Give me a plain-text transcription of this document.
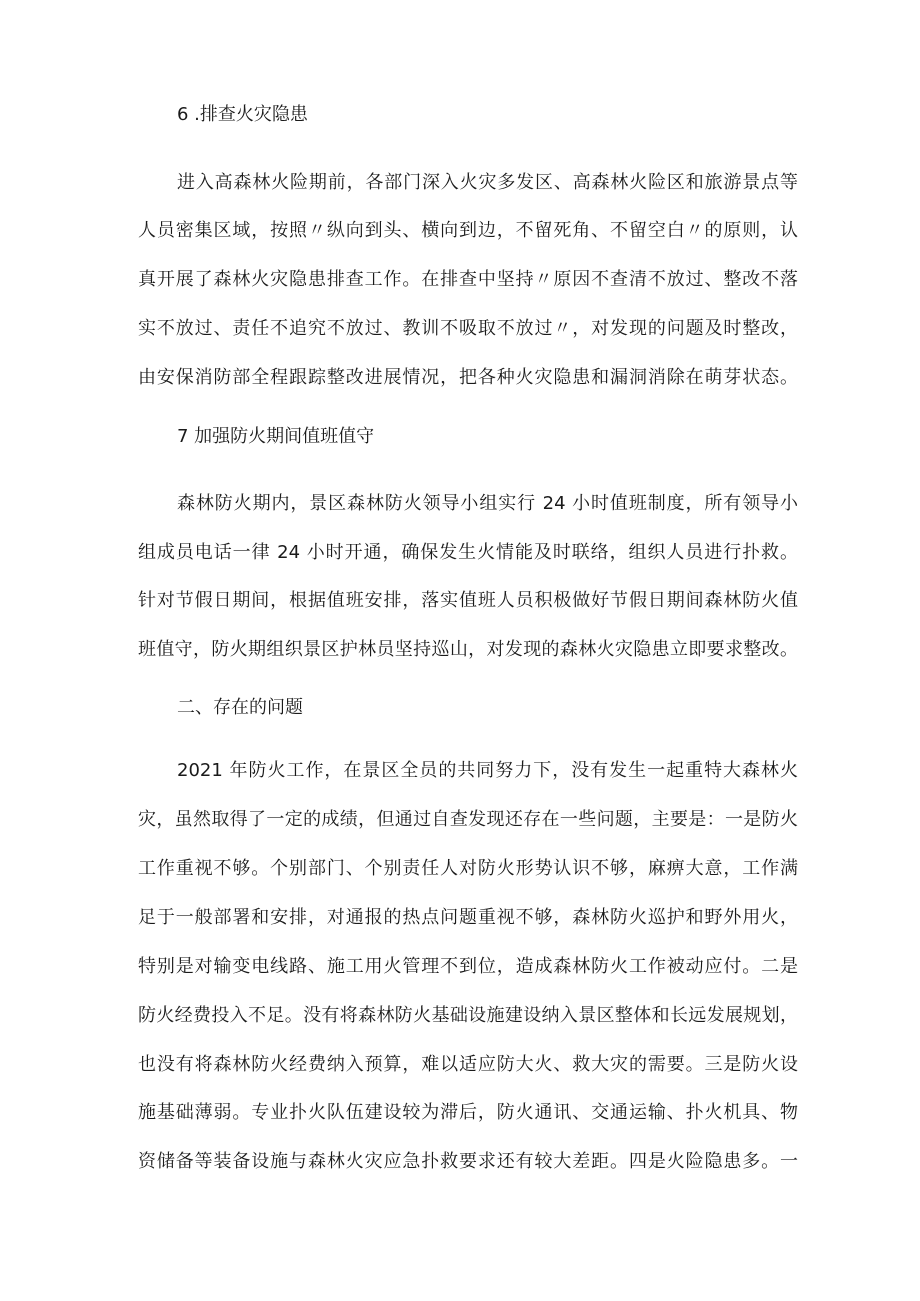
6 .排查火灾隐患
进入高森林火险期前，各部门深入火灾多发区、高森林火险区和旅游景点等
人员密集区域，按照〃纵向到头、横向到边，不留死角、不留空白〃的原则，认
真开展了森林火灾隐患排查工作。在排查中坚持〃原因不查清不放过、整改不落
实不放过、责任不追究不放过、教训不吸取不放过〃，对发现的问题及时整改，
由安保消防部全程跟踪整改进展情况，把各种火灾隐患和漏洞消除在萌芽状态。
7 加强防火期间值班值守
森林防火期内，景区森林防火领导小组实行 24 小时值班制度，所有领导小
组成员电话一律 24 小时开通，确保发生火情能及时联络，组织人员进行扑救。
针对节假日期间，根据值班安排，落实值班人员积极做好节假日期间森林防火值
班值守，防火期组织景区护林员坚持巡山，对发现的森林火灾隐患立即要求整改。
二、存在的问题
2021 年防火工作，在景区全员的共同努力下，没有发生一起重特大森林火
灾，虽然取得了一定的成绩，但通过自查发现还存在一些问题，主要是：一是防火
工作重视不够。个别部门、个别责任人对防火形势认识不够，麻痹大意，工作满
足于一般部署和安排，对通报的热点问题重视不够，森林防火巡护和野外用火，
特别是对输变电线路、施工用火管理不到位，造成森林防火工作被动应付。二是
防火经费投入不足。没有将森林防火基础设施建设纳入景区整体和长远发展规划，
也没有将森林防火经费纳入预算，难以适应防大火、救大灾的需要。三是防火设
施基础薄弱。专业扑火队伍建设较为滞后，防火通讯、交通运输、扑火机具、物
资储备等装备设施与森林火灾应急扑救要求还有较大差距。四是火险隐患多。一
